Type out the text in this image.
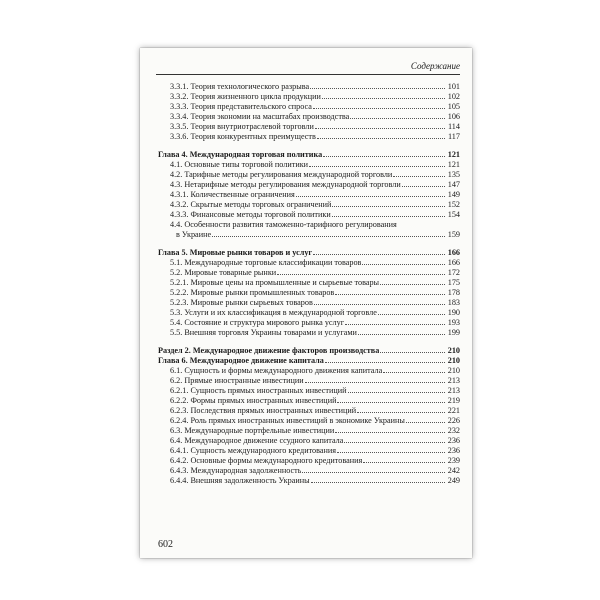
Содержание
3.3.1. Теория технологического разрыва	101
3.3.2. Теория жизненного цикла продукции	102
3.3.3. Теория представительского спроса	105
3.3.4. Теория экономии на масштабах производства	106
3.3.5. Теория внутриотраслевой торговли	114
3.3.6. Теория конкурентных преимуществ	117
Глава 4. Международная торговая политика	121
4.1. Основные типы торговой политики	121
4.2. Тарифные методы регулирования международной торговли	135
4.3. Нетарифные методы регулирования международной торговли	147
4.3.1. Количественные ограничения	149
4.3.2. Скрытые методы торговых ограничений	152
4.3.3. Финансовые методы торговой политики	154
4.4. Особенности развития таможенно-тарифного регулирования
в Украине	159
Глава 5. Мировые рынки товаров и услуг	166
5.1. Международные торговые классификации товаров	166
5.2. Мировые товарные рынки	172
5.2.1. Мировые цены на промышленные и сырьевые товары	175
5.2.2. Мировые рынки промышленных товаров	178
5.2.3. Мировые рынки сырьевых товаров	183
5.3. Услуги и их классификация в международной торговле	190
5.4. Состояние и структура мирового рынка услуг	193
5.5. Внешняя торговля Украины товарами и услугами	199
Раздел 2. Международное движение факторов производства	210
Глава 6. Международное движение капитала	210
6.1. Сущность и формы международного движения капитала	210
6.2. Прямые иностранные инвестиции	213
6.2.1. Сущность прямых иностранных инвестиций	213
6.2.2. Формы прямых иностранных инвестиций	219
6.2.3. Последствия прямых иностранных инвестиций	221
6.2.4. Роль прямых иностранных инвестиций в экономике Украины	226
6.3. Международные портфельные инвестиции	232
6.4. Международное движение ссудного капитала	236
6.4.1. Сущность международного кредитования	236
6.4.2. Основные формы международного кредитования	239
6.4.3. Международная задолженность	242
6.4.4. Внешняя задолженность Украины	249
602
